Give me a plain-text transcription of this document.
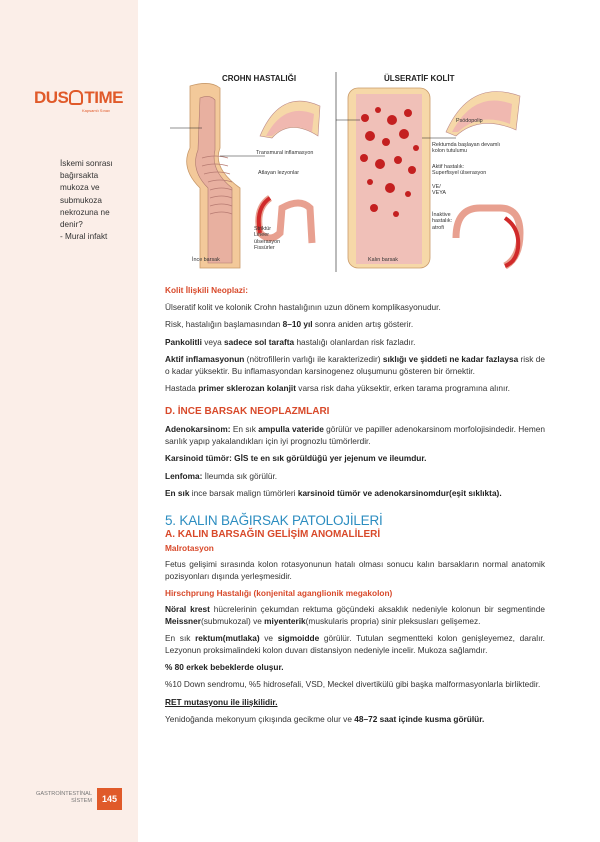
DUS TIME
Kapsamlı Sınav
İskemi sonrası
bağırsakta
mukoza ve
submukoza
nekrozuna ne
denir?
- Mural infakt
GASTROİNTESTİNAL
SİSTEM	145
CROHN HASTALIĞI	ÜLSERATİF KOLİT
Transmural inflamasyon
Atlayan lezyonlar
İnce barsak
Striktür
Lineer
ülserasyon
Fissürler
Psödopolip
Rektumda başlayan devamlı
kolon tutulumu
Aktif hastalık:
Superfisyel ülserasyon
VE/
VEYA
İnaktive
hastalık:
atrofi
Kalın barsak
Kolit İlişkili Neoplazi:

Ülseratif kolit ve kolonik Crohn hastalığının uzun dönem komplikasyonudur.

Risk, hastalığın başlamasından 8–10 yıl sonra aniden artış gösterir.

Pankolitli veya sadece sol tarafta hastalığı olanlardan risk fazladır.

Aktif inflamasyonun (nötrofillerin varlığı ile karakterizedir) sıklığı ve şiddeti ne kadar fazlaysa risk de o kadar yüksektir. Bu inflamasyondan karsinogenez oluşumunu gösteren bir örnektir.

Hastada primer sklerozan kolanjit varsa risk daha yüksektir, erken tarama programına alınır.

D. İNCE BARSAK NEOPLAZMLARI

Adenokarsinom: En sık ampulla vateride görülür ve papiller adenokarsinom morfolojisindedir. Hemen sarılık yapıp yakalandıkları için iyi prognozlu tümörlerdir.

Karsinoid tümör: GİS te en sık görüldüğü yer jejenum ve ileumdur.

Lenfoma: İleumda sık görülür.

En sık ince barsak malign tümörleri karsinoid tümör ve adenokarsinomdur(eşit sıklıkta).

5. KALIN BAĞIRSAK PATOLOJİLERİ
A. KALIN BARSAĞIN GELİŞİM ANOMALİLERİ
Malrotasyon

Fetus gelişimi sırasında kolon rotasyonunun hatalı olması sonucu kalın barsakların normal anatomik pozisyonları dışında yerleşmesidir.

Hirschprung Hastalığı (konjenital aganglionik megakolon)

Nöral krest hücrelerinin çekumdan rektuma göçündeki aksaklık nedeniyle kolonun bir segmentinde Meissner(submukozal) ve miyenterik(muskularis propria) sinir pleksusları gelişemez.

En sık rektum(mutlaka) ve sigmoidde görülür. Tutulan segmentteki kolon genişleyemez, daralır. Lezyonun proksimalindeki kolon duvarı distansiyon nedeniyle incelir. Mukoza sağlamdır.

% 80 erkek bebeklerde oluşur.

%10 Down sendromu, %5 hidrosefali, VSD, Meckel divertikülü gibi başka malformasyonlarla birliktedir.

RET mutasyonu ile ilişkilidir.

Yenidoğanda mekonyum çıkışında gecikme olur ve 48–72 saat içinde kusma görülür.
